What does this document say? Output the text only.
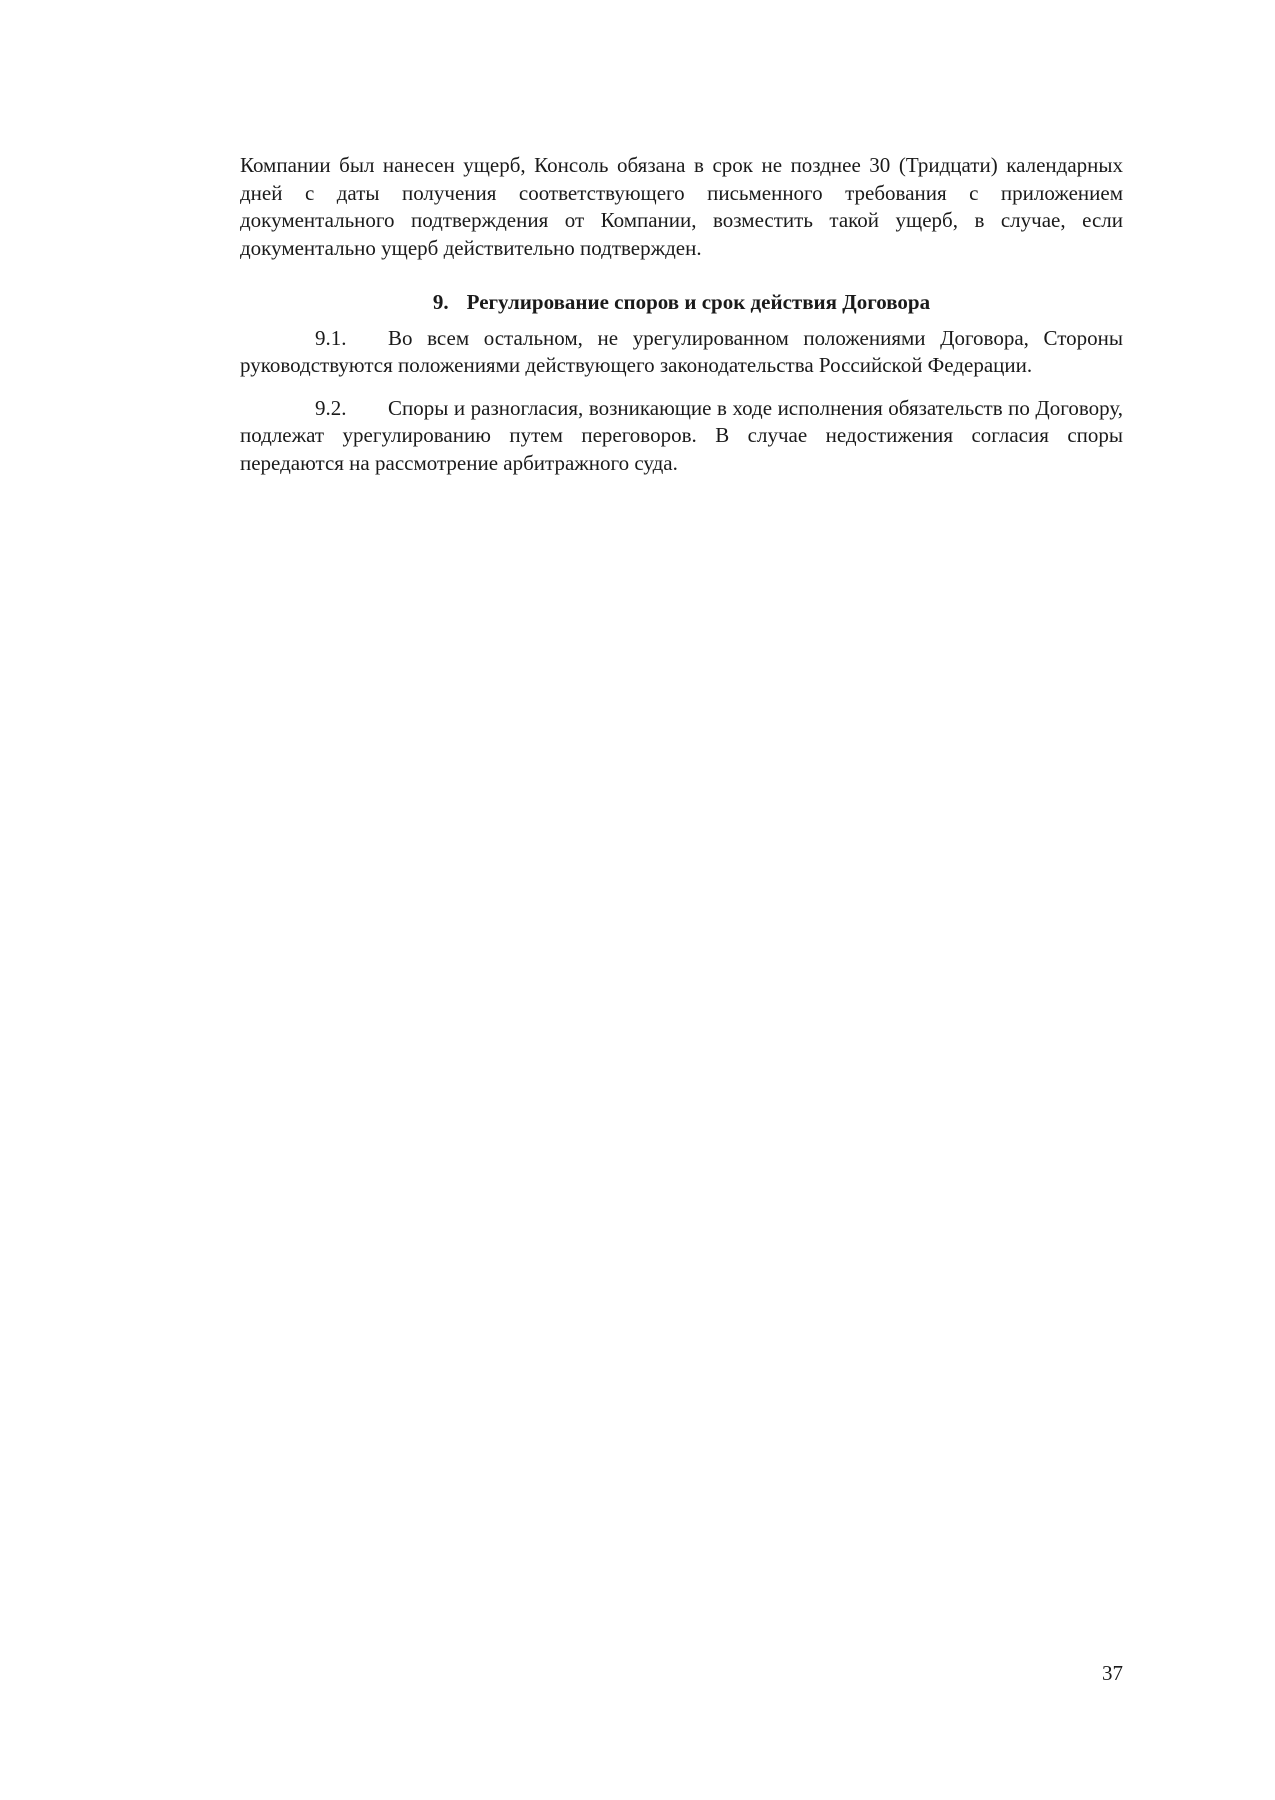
Компании был нанесен ущерб, Консоль обязана в срок не позднее 30 (Тридцати) календарных дней с даты получения соответствующего письменного требования с приложением документального подтверждения от Компании, возместить такой ущерб, в случае, если документально ущерб действительно подтвержден.

9. Регулирование споров и срок действия Договора

9.1. Во всем остальном, не урегулированном положениями Договора, Стороны руководствуются положениями действующего законодательства Российской Федерации.

9.2. Споры и разногласия, возникающие в ходе исполнения обязательств по Договору, подлежат урегулированию путем переговоров. В случае недостижения согласия споры передаются на рассмотрение арбитражного суда.

37
